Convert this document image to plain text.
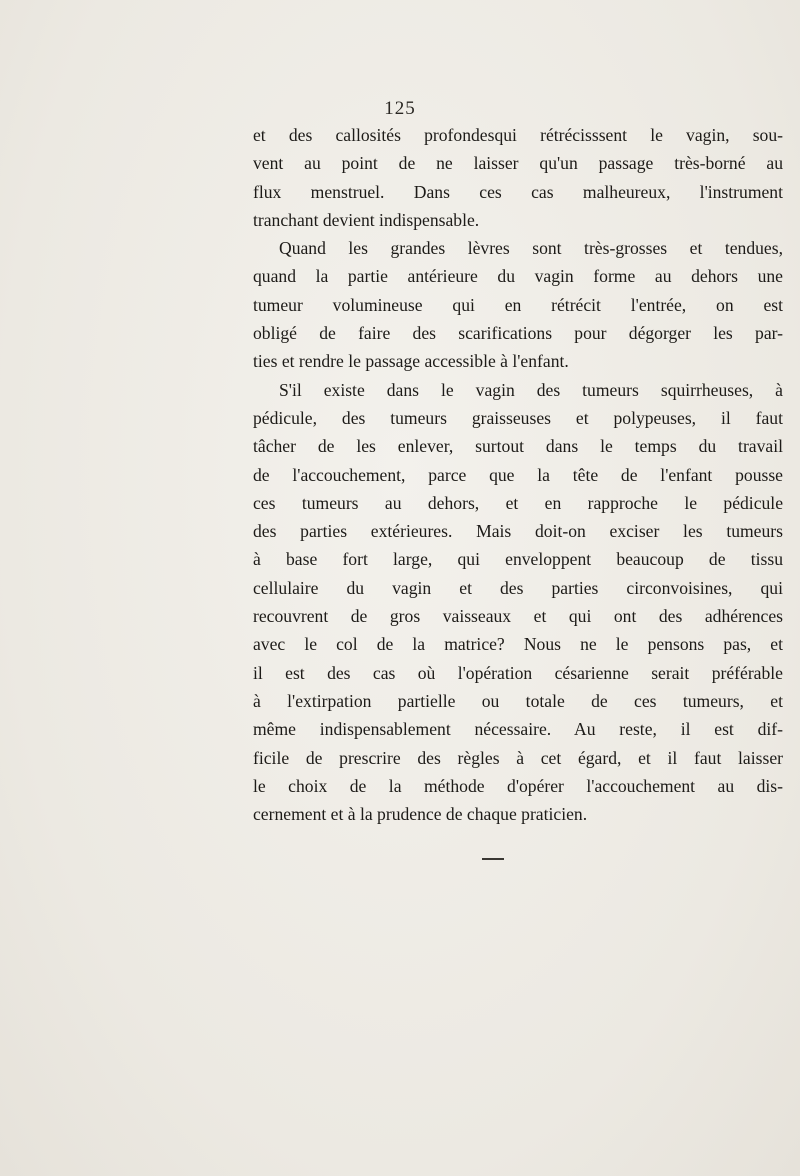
125

et des callosités profondesqui rétrécisssent le vagin, sou-
vent au point de ne laisser qu'un passage très-borné au
flux menstruel. Dans ces cas malheureux, l'instrument
tranchant devient indispensable.

Quand les grandes lèvres sont très-grosses et tendues,
quand la partie antérieure du vagin forme au dehors une
tumeur volumineuse qui en rétrécit l'entrée, on est
obligé de faire des scarifications pour dégorger les par-
ties et rendre le passage accessible à l'enfant.

S'il existe dans le vagin des tumeurs squirrheuses, à
pédicule, des tumeurs graisseuses et polypeuses, il faut
tâcher de les enlever, surtout dans le temps du travail
de l'accouchement, parce que la tête de l'enfant pousse
ces tumeurs au dehors, et en rapproche le pédicule
des parties extérieures. Mais doit-on exciser les tumeurs
à base fort large, qui enveloppent beaucoup de tissu
cellulaire du vagin et des parties circonvoisines, qui
recouvrent de gros vaisseaux et qui ont des adhérences
avec le col de la matrice? Nous ne le pensons pas, et
il est des cas où l'opération césarienne serait préférable
à l'extirpation partielle ou totale de ces tumeurs, et
même indispensablement nécessaire. Au reste, il est dif-
ficile de prescrire des règles à cet égard, et il faut laisser
le choix de la méthode d'opérer l'accouchement au dis-
cernement et à la prudence de chaque praticien.
